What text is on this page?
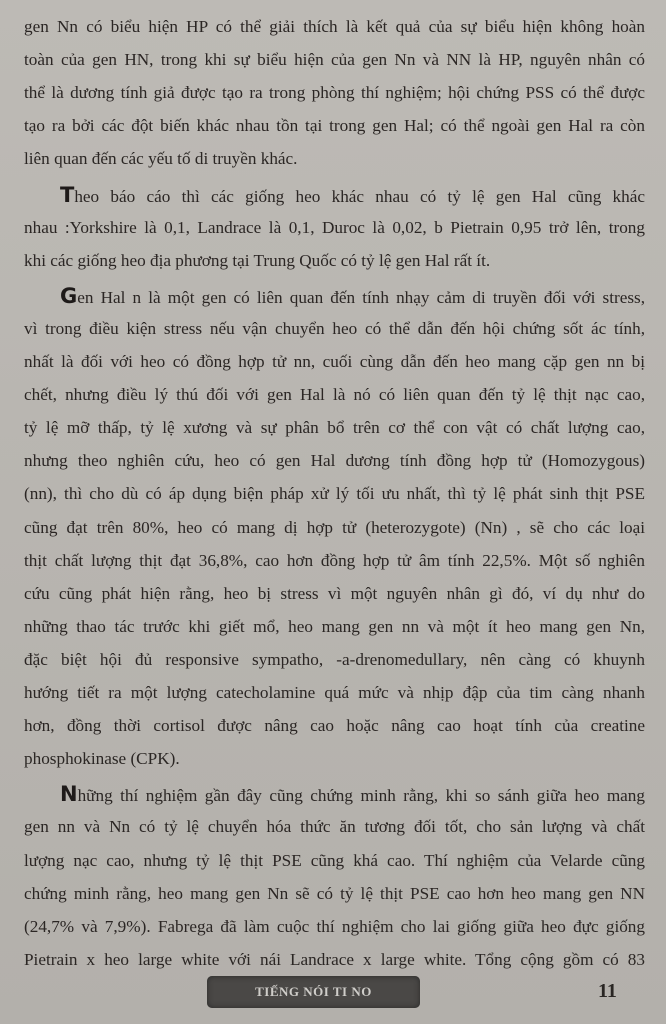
gen Nn có biểu hiện HP có thể giải thích là kết quả của sự biểu hiện không hoàn
toàn của gen HN, trong khi sự biểu hiện của gen Nn và NN là HP, nguyên nhân có
thể là dương tính giả được tạo ra trong phòng thí nghiệm; hội chứng PSS có thể được
tạo ra bởi các đột biến khác nhau tồn tại trong gen Hal; có thể ngoài gen Hal ra còn
liên quan đến các yếu tố di truyền khác.
Theo báo cáo thì các giống heo khác nhau có tỷ lệ gen Hal cũng khác
nhau :Yorkshire là 0,1, Landrace là 0,1, Duroc là 0,02, b Pietrain 0,95 trở lên, trong
khi các giống heo địa phương tại Trung Quốc có tỷ lệ gen Hal rất ít.
Gen Hal n là một gen có liên quan đến tính nhạy cảm di truyền đối với stress,
vì trong điều kiện stress nếu vận chuyển heo có thể dẫn đến hội chứng sốt ác tính,
nhất là đối với heo có đồng hợp tử nn, cuối cùng dẫn đến heo mang cặp gen nn bị
chết, nhưng điều lý thú đối với gen Hal là nó có liên quan đến tỷ lệ thịt nạc cao,
tỷ lệ mỡ thấp, tỷ lệ xương và sự phân bổ trên cơ thể con vật có chất lượng cao,
nhưng theo nghiên cứu, heo có gen Hal dương tính đồng hợp tử (Homozygous)
(nn), thì cho dù có áp dụng biện pháp xử lý tối ưu nhất, thì tỷ lệ phát sinh thịt PSE
cũng đạt trên 80%, heo có mang dị hợp tử (heterozygote) (Nn) , sẽ cho các loại
thịt chất lượng thịt đạt 36,8%, cao hơn đồng hợp tử âm tính 22,5%. Một số nghiên
cứu cũng phát hiện rằng, heo bị stress vì một nguyên nhân gì đó, ví dụ như do
những thao tác trước khi giết mổ, heo mang gen nn và một ít heo mang gen Nn,
đặc biệt hội đủ responsive sympatho, -a-drenomedullary, nên càng có khuynh
hướng tiết ra một lượng catecholamine quá mức và nhịp đập của tim càng nhanh
hơn, đồng thời cortisol được nâng cao hoặc nâng cao hoạt tính của creatine
phosphokinase (CPK).
Những thí nghiệm gần đây cũng chứng minh rằng, khi so sánh giữa heo mang
gen nn và Nn có tỷ lệ chuyển hóa thức ăn tương đối tốt, cho sản lượng và chất
lượng nạc cao, nhưng tỷ lệ thịt PSE cũng khá cao. Thí nghiệm của Velarde cũng
chứng minh rằng, heo mang gen Nn sẽ có tỷ lệ thịt PSE cao hơn heo mang gen NN
(24,7% và 7,9%). Fabrega đã làm cuộc thí nghiệm cho lai giống giữa heo đực giống
Pietrain x heo large white với nái Landrace x large white. Tổng cộng gồm có 83
TIẾNG NÓI TI NO	11
